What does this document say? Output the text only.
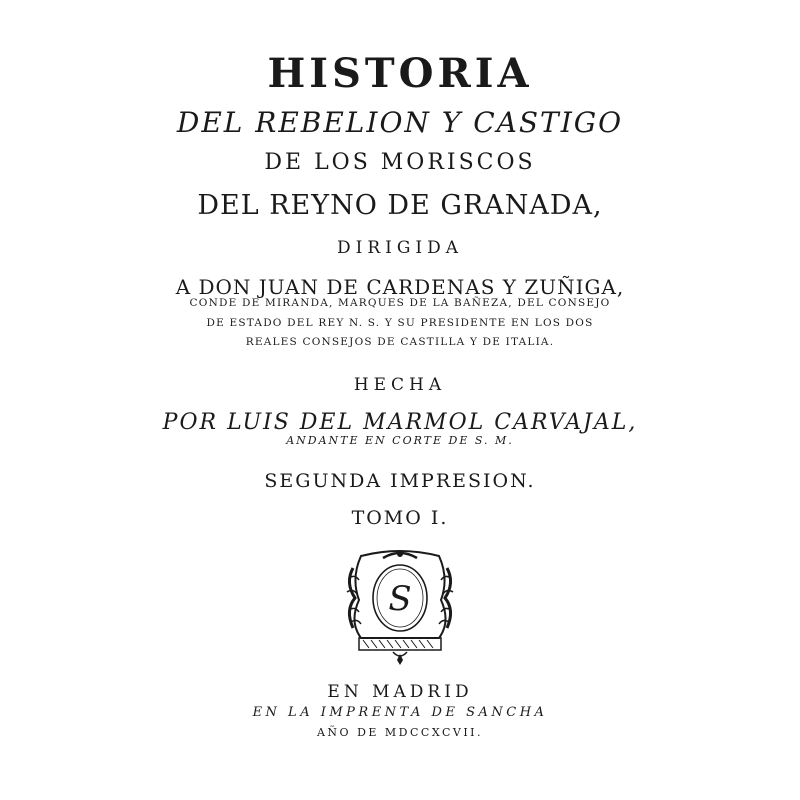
HISTORIA
DEL REBELION Y CASTIGO
DE LOS MORISCOS
DEL REYNO DE GRANADA,
DIRIGIDA
A DON JUAN DE CARDENAS Y ZUÑIGA,
CONDE DE MIRANDA, MARQUES DE LA BAÑEZA, DEL CONSEJO
DE ESTADO DEL REY N. S. Y SU PRESIDENTE EN LOS DOS
REALES CONSEJOS DE CASTILLA Y DE ITALIA.
HECHA
POR LUIS DEL MARMOL CARVAJAL,
ANDANTE EN CORTE DE S. M.
SEGUNDA IMPRESION.
TOMO I.
S
EN MADRID
EN LA IMPRENTA DE SANCHA
AÑO DE MDCCXCVII.
